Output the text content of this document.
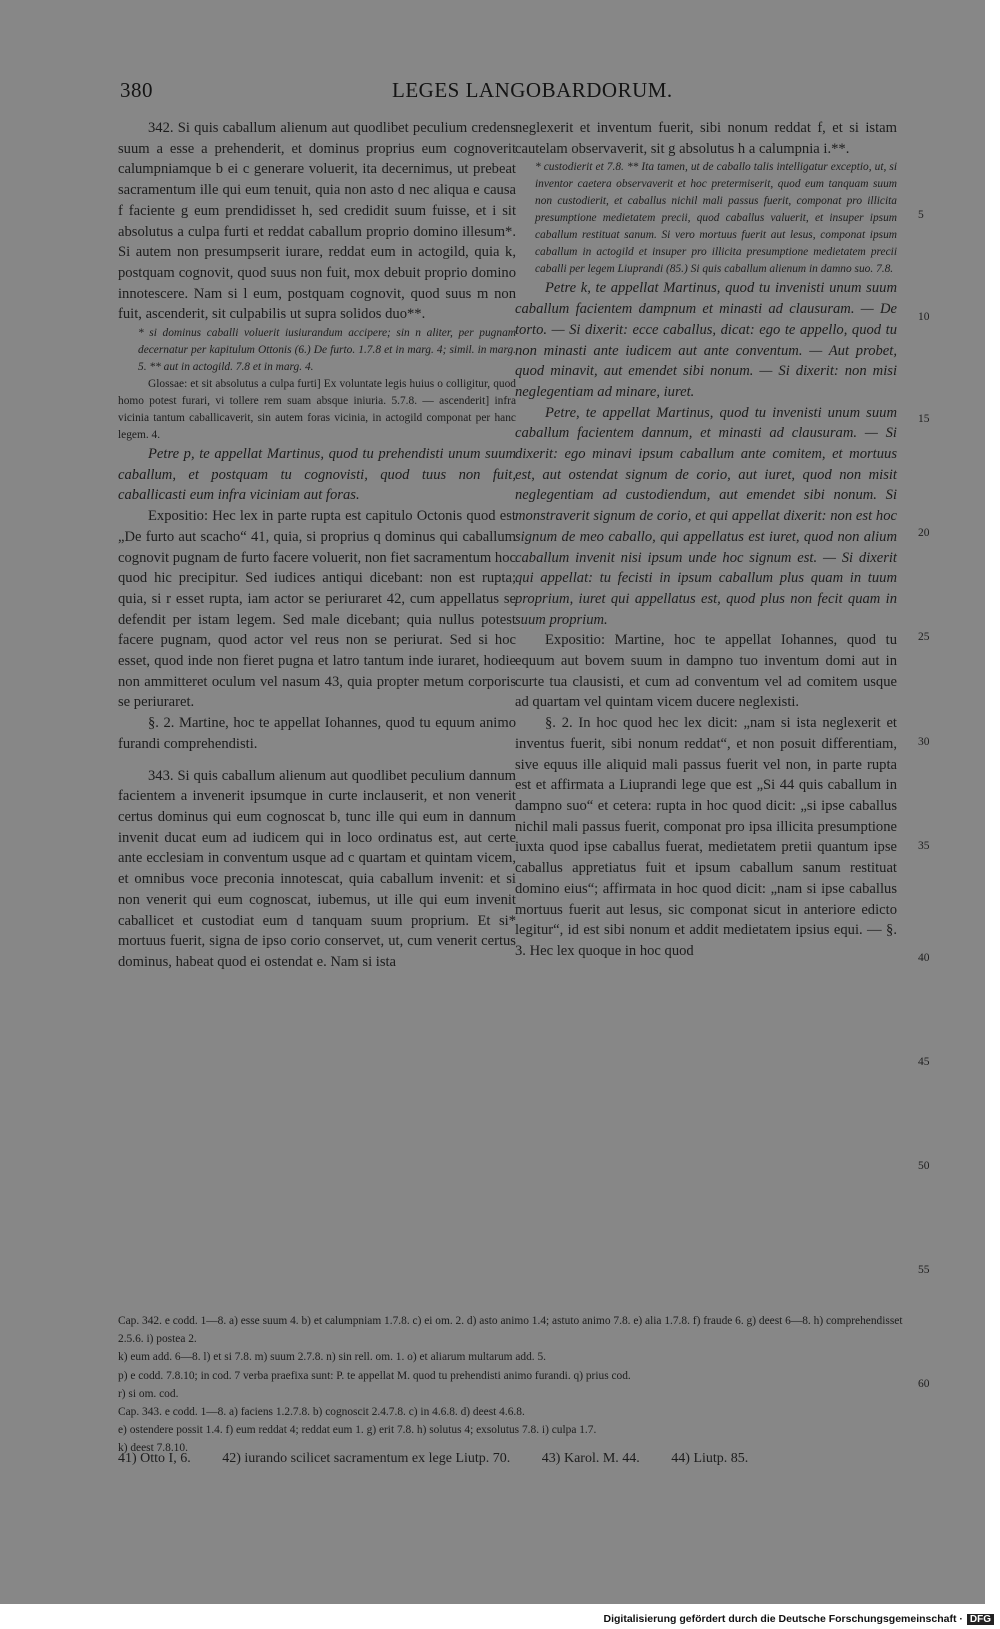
380	LEGES LANGOBARDORUM.

342. Si quis caballum alienum aut quodlibet peculium credens suum a esse a prehenderit, et dominus proprius eum cognoverit calumpniamque b ei c generare voluerit, ita decernimus, ut prebeat sacramentum ille qui eum tenuit, quia non asto d nec aliqua e causa f faciente g eum prendidisset h, sed credidit suum fuisse, et i sit absolutus a culpa furti et reddat caballum proprio domino illesum*. Si autem non presumpserit iurare, reddat eum in actogild, quia k, postquam cognovit, quod suus non fuit, mox debuit proprio domino innotescere. Nam si l eum, postquam cognovit, quod suus m non fuit, ascenderit, sit culpabilis ut supra solidos duo**.

* si dominus caballi voluerit iusiurandum accipere; sin n aliter, per pugnam decernatur per kapitulum Ottonis (6.) De furto. 1.7.8 et in marg. 4; simil. in marg. 5. ** aut in actogild. 7.8 et in marg. 4.

Glossae: et sit absolutus a culpa furti] Ex voluntate legis huius o colligitur, quod homo potest furari, vi tollere rem suam absque iniuria. 5.7.8. — ascenderit] infra vicinia tantum caballicaverit, sin autem foras vicinia, in actogild componat per hanc legem. 4.

Petre p, te appellat Martinus, quod tu prehendisti unum suum caballum, et postquam tu cognovisti, quod tuus non fuit, caballicasti eum infra viciniam aut foras.

Expositio: Hec lex in parte rupta est capitulo Octonis quod est „De furto aut scacho“ 41, quia, si proprius q dominus qui caballum cognovit pugnam de furto facere voluerit, non fiet sacramentum hoc quod hic precipitur. Sed iudices antiqui dicebant: non est rupta; quia, si r esset rupta, iam actor se periuraret 42, cum appellatus se defendit per istam legem. Sed male dicebant; quia nullus potest facere pugnam, quod actor vel reus non se periurat. Sed si hoc esset, quod inde non fieret pugna et latro tantum inde iuraret, hodie non ammitteret oculum vel nasum 43, quia propter metum corporis se periuraret.

§. 2. Martine, hoc te appellat Iohannes, quod tu equum animo furandi comprehendisti.

343. Si quis caballum alienum aut quodlibet peculium dannum facientem a invenerit ipsumque in curte inclauserit, et non venerit certus dominus qui eum cognoscat b, tunc ille qui eum in dannum invenit ducat eum ad iudicem qui in loco ordinatus est, aut certe ante ecclesiam in conventum usque ad c quartam et quintam vicem, et omnibus voce preconia innotescat, quia caballum invenit: et si non venerit qui eum cognoscat, iubemus, ut ille qui eum invenit caballicet et custodiat eum d tanquam suum proprium. Et si* mortuus fuerit, signa de ipso corio conservet, ut, cum venerit certus dominus, habeat quod ei ostendat e. Nam si ista

neglexerit et inventum fuerit, sibi nonum reddat f, et si istam cautelam observaverit, sit g absolutus h a calumpnia i.**.

* custodierit et 7.8. ** Ita tamen, ut de caballo talis intelligatur exceptio, ut, si inventor caetera observaverit et hoc pretermiserit, quod eum tanquam suum non custodierit, et caballus nichil mali passus fuerit, componat pro illicita presumptione medietatem precii, quod caballus valuerit, et insuper ipsum caballum restituat sanum. Si vero mortuus fuerit aut lesus, componat ipsum caballum in actogild et insuper pro illicita presumptione medietatem precii caballi per legem Liuprandi (85.) Si quis caballum alienum in damno suo. 7.8.

Petre k, te appellat Martinus, quod tu invenisti unum suum caballum facientem dampnum et minasti ad clausuram. — De torto. — Si dixerit: ecce caballus, dicat: ego te appello, quod tu non minasti ante iudicem aut ante conventum. — Aut probet, quod minavit, aut emendet sibi nonum. — Si dixerit: non misi neglegentiam ad minare, iuret.

Petre, te appellat Martinus, quod tu invenisti unum suum caballum facientem dannum, et minasti ad clausuram. — Si dixerit: ego minavi ipsum caballum ante comitem, et mortuus est, aut ostendat signum de corio, aut iuret, quod non misit neglegentiam ad custodiendum, aut emendet sibi nonum. Si monstraverit signum de corio, et qui appellat dixerit: non est hoc signum de meo caballo, qui appellatus est iuret, quod non alium caballum invenit nisi ipsum unde hoc signum est. — Si dixerit qui appellat: tu fecisti in ipsum caballum plus quam in tuum proprium, iuret qui appellatus est, quod plus non fecit quam in suum proprium.

Expositio: Martine, hoc te appellat Iohannes, quod tu equum aut bovem suum in dampno tuo inventum domi aut in curte tua clausisti, et cum ad conventum vel ad comitem usque ad quartam vel quintam vicem ducere neglexisti.

§. 2. In hoc quod hec lex dicit: „nam si ista neglexerit et inventus fuerit, sibi nonum reddat“, et non posuit differentiam, sive equus ille aliquid mali passus fuerit vel non, in parte rupta est et affirmata a Liuprandi lege que est „Si 44 quis caballum in dampno suo“ et cetera: rupta in hoc quod dicit: „si ipse caballus nichil mali passus fuerit, componat pro ipsa illicita presumptione iuxta quod ipse caballus fuerat, medietatem pretii quantum ipse caballus appretiatus fuit et ipsum caballum sanum restituat domino eius“; affirmata in hoc quod dicit: „nam si ipse caballus mortuus fuerit aut lesus, sic componat sicut in anteriore edicto legitur“, id est sibi nonum et addit medietatem ipsius equi. — §. 3. Hec lex quoque in hoc quod

5
10
15
20
25
30
35
40
45
50
55
60

Cap. 342. e codd. 1—8. a) esse suum 4. b) et calumpniam 1.7.8. c) ei om. 2. d) asto animo 1.4; astuto animo 7.8. e) alia 1.7.8. f) fraude 6. g) deest 6—8. h) comprehendisset 2.5.6. i) postea 2.

k) eum add. 6—8. l) et si 7.8. m) suum 2.7.8. n) sin rell. om. 1. o) et aliarum multarum add. 5.

p) e codd. 7.8.10; in cod. 7 verba praefixa sunt: P. te appellat M. quod tu prehendisti animo furandi. q) prius cod.

r) si om. cod.

Cap. 343. e codd. 1—8. a) faciens 1.2.7.8. b) cognoscit 2.4.7.8. c) in 4.6.8. d) deest 4.6.8.

e) ostendere possit 1.4. f) eum reddat 4; reddat eum 1. g) erit 7.8. h) solutus 4; exsolutus 7.8. i) culpa 1.7.

k) deest 7.8.10.

41) Otto I, 6. 42) iurando scilicet sacramentum ex lege Liutp. 70. 43) Karol. M. 44. 44) Liutp. 85.
Digitalisierung gefördert durch die Deutsche Forschungsgemeinschaft · DFG
